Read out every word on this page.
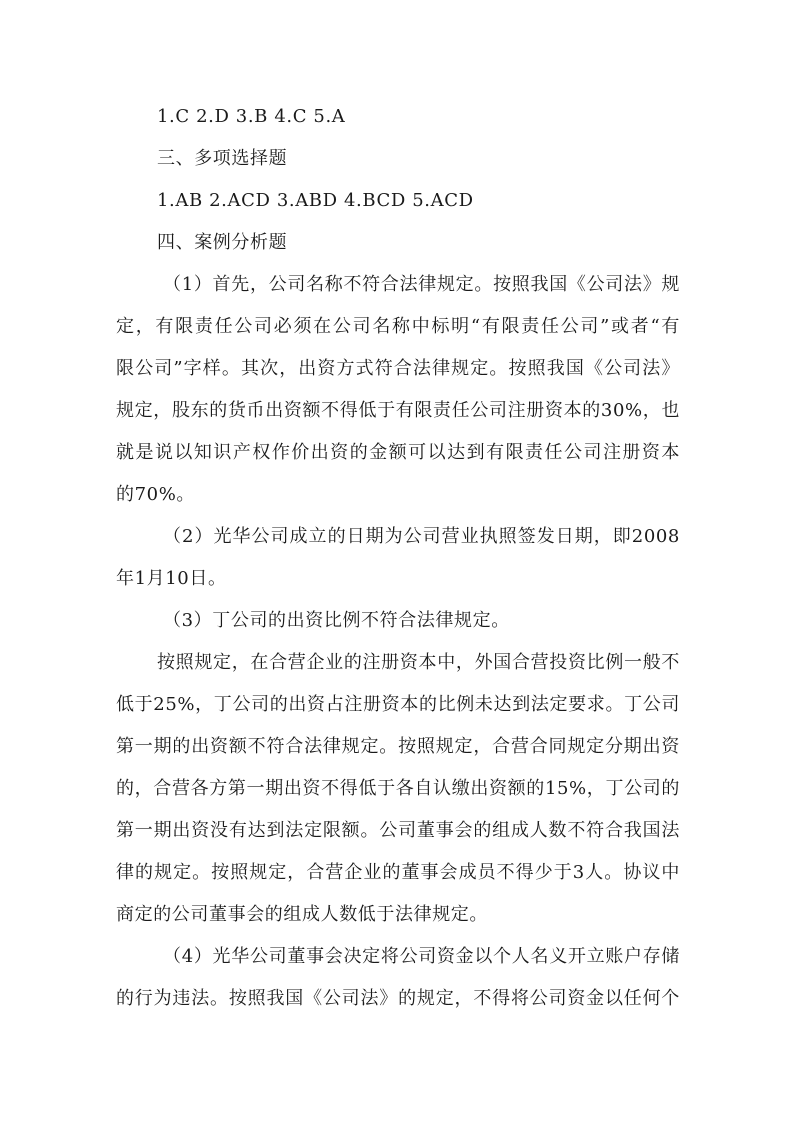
1.C 2.D 3.B 4.C 5.A
三、多项选择题
1.AB 2.ACD 3.ABD 4.BCD 5.ACD
四、案例分析题
（1）首先，公司名称不符合法律规定。按照我国《公司法》规
定，有限责任公司必须在公司名称中标明“有限责任公司”或者“有
限公司”字样。其次，出资方式符合法律规定。按照我国《公司法》
规定，股东的货币出资额不得低于有限责任公司注册资本的30%，也
就是说以知识产权作价出资的金额可以达到有限责任公司注册资本
的70%。
（2）光华公司成立的日期为公司营业执照签发日期，即2008
年1月10日。
（3）丁公司的出资比例不符合法律规定。
按照规定，在合营企业的注册资本中，外国合营投资比例一般不
低于25%，丁公司的出资占注册资本的比例未达到法定要求。丁公司
第一期的出资额不符合法律规定。按照规定，合营合同规定分期出资
的，合营各方第一期出资不得低于各自认缴出资额的15%，丁公司的
第一期出资没有达到法定限额。公司董事会的组成人数不符合我国法
律的规定。按照规定，合营企业的董事会成员不得少于3人。协议中
商定的公司董事会的组成人数低于法律规定。
（4）光华公司董事会决定将公司资金以个人名义开立账户存储
的行为违法。按照我国《公司法》的规定，不得将公司资金以任何个
